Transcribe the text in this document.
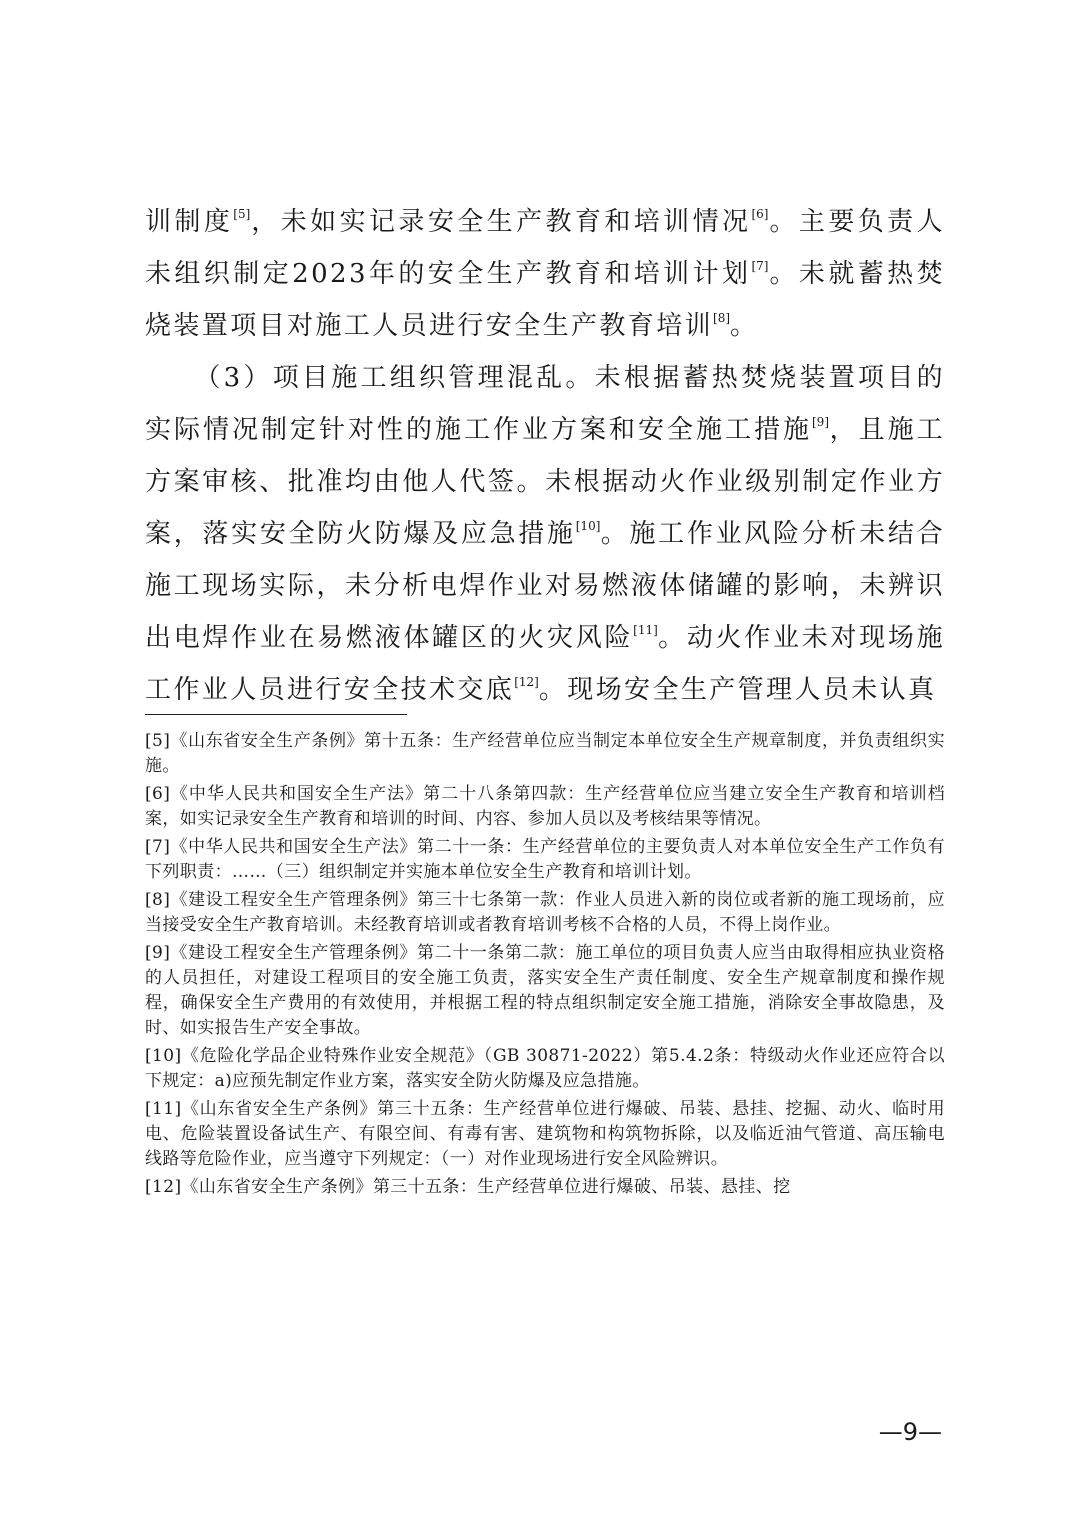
训制度[5]，未如实记录安全生产教育和培训情况[6]。主要负责人未组织制定2023年的安全生产教育和培训计划[7]。未就蓄热焚烧装置项目对施工人员进行安全生产教育培训[8]。

（3）项目施工组织管理混乱。未根据蓄热焚烧装置项目的实际情况制定针对性的施工作业方案和安全施工措施[9]，且施工方案审核、批准均由他人代签。未根据动火作业级别制定作业方案，落实安全防火防爆及应急措施[10]。施工作业风险分析未结合施工现场实际，未分析电焊作业对易燃液体储罐的影响，未辨识出电焊作业在易燃液体罐区的火灾风险[11]。动火作业未对现场施工作业人员进行安全技术交底[12]。现场安全生产管理人员未认真

[5]《山东省安全生产条例》第十五条：生产经营单位应当制定本单位安全生产规章制度，并负责组织实施。

[6]《中华人民共和国安全生产法》第二十八条第四款：生产经营单位应当建立安全生产教育和培训档案，如实记录安全生产教育和培训的时间、内容、参加人员以及考核结果等情况。

[7]《中华人民共和国安全生产法》第二十一条：生产经营单位的主要负责人对本单位安全生产工作负有下列职责：……（三）组织制定并实施本单位安全生产教育和培训计划。

[8]《建设工程安全生产管理条例》第三十七条第一款：作业人员进入新的岗位或者新的施工现场前，应当接受安全生产教育培训。未经教育培训或者教育培训考核不合格的人员，不得上岗作业。

[9]《建设工程安全生产管理条例》第二十一条第二款：施工单位的项目负责人应当由取得相应执业资格的人员担任，对建设工程项目的安全施工负责，落实安全生产责任制度、安全生产规章制度和操作规程，确保安全生产费用的有效使用，并根据工程的特点组织制定安全施工措施，消除安全事故隐患，及时、如实报告生产安全事故。

[10]《危险化学品企业特殊作业安全规范》（GB 30871-2022）第5.4.2条：特级动火作业还应符合以下规定：a)应预先制定作业方案，落实安全防火防爆及应急措施。

[11]《山东省安全生产条例》第三十五条：生产经营单位进行爆破、吊装、悬挂、挖掘、动火、临时用电、危险装置设备试生产、有限空间、有毒有害、建筑物和构筑物拆除，以及临近油气管道、高压输电线路等危险作业，应当遵守下列规定：（一）对作业现场进行安全风险辨识。

[12]《山东省安全生产条例》第三十五条：生产经营单位进行爆破、吊装、悬挂、挖

—9—
